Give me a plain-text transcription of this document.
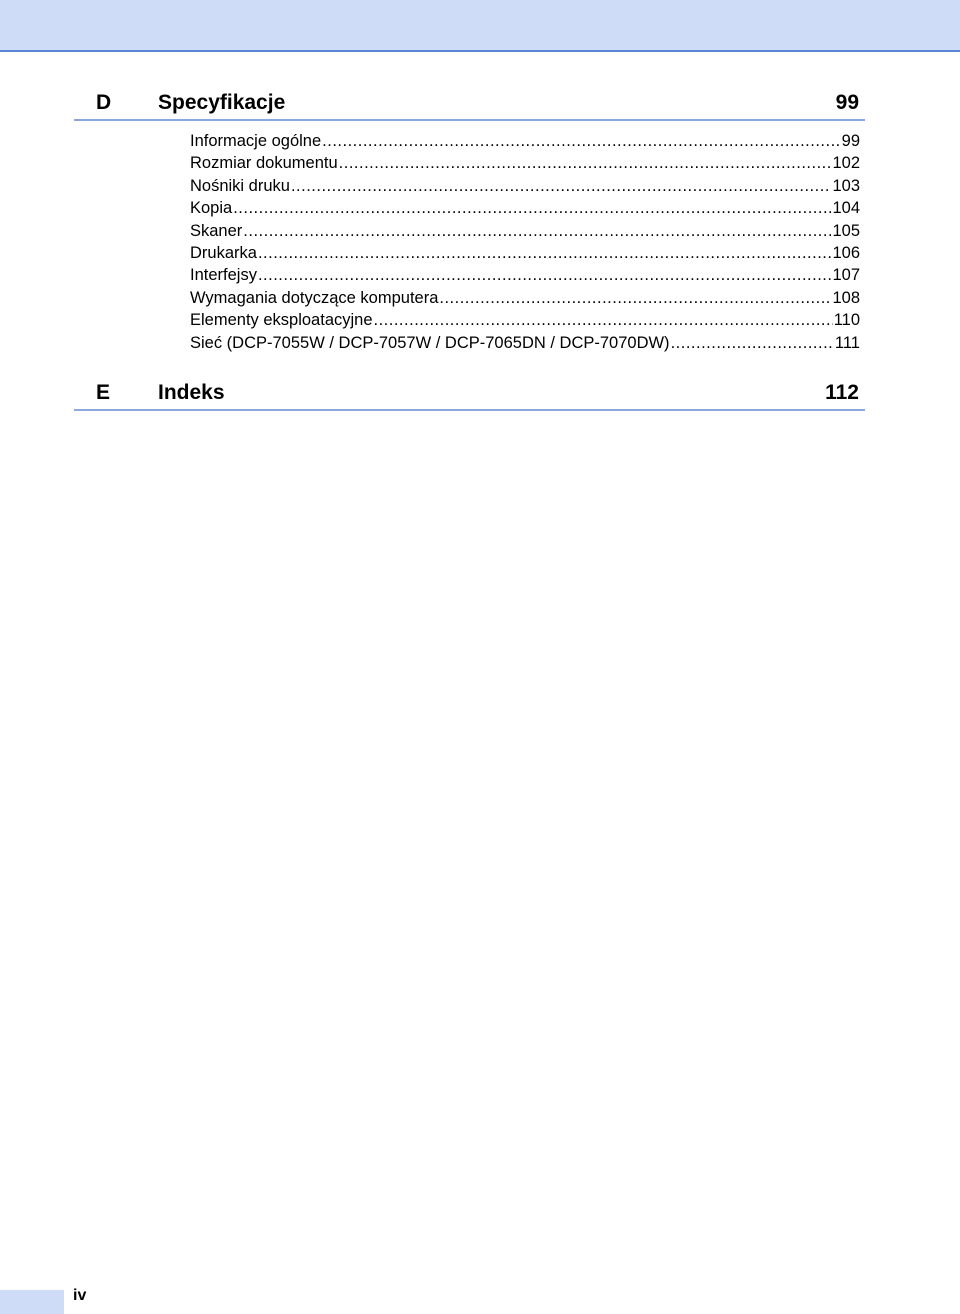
D Specyfikacje	99
Informacje ogólne .....	99
Rozmiar dokumentu .....	102
Nośniki druku .....	103
Kopia .....	104
Skaner .....	105
Drukarka .....	106
Interfejsy .....	107
Wymagania dotyczące komputera .....	108
Elementy eksploatacyjne .....	110
Sieć (DCP-7055W / DCP-7057W / DCP-7065DN / DCP-7070DW) .....	111
E Indeks	112
iv
